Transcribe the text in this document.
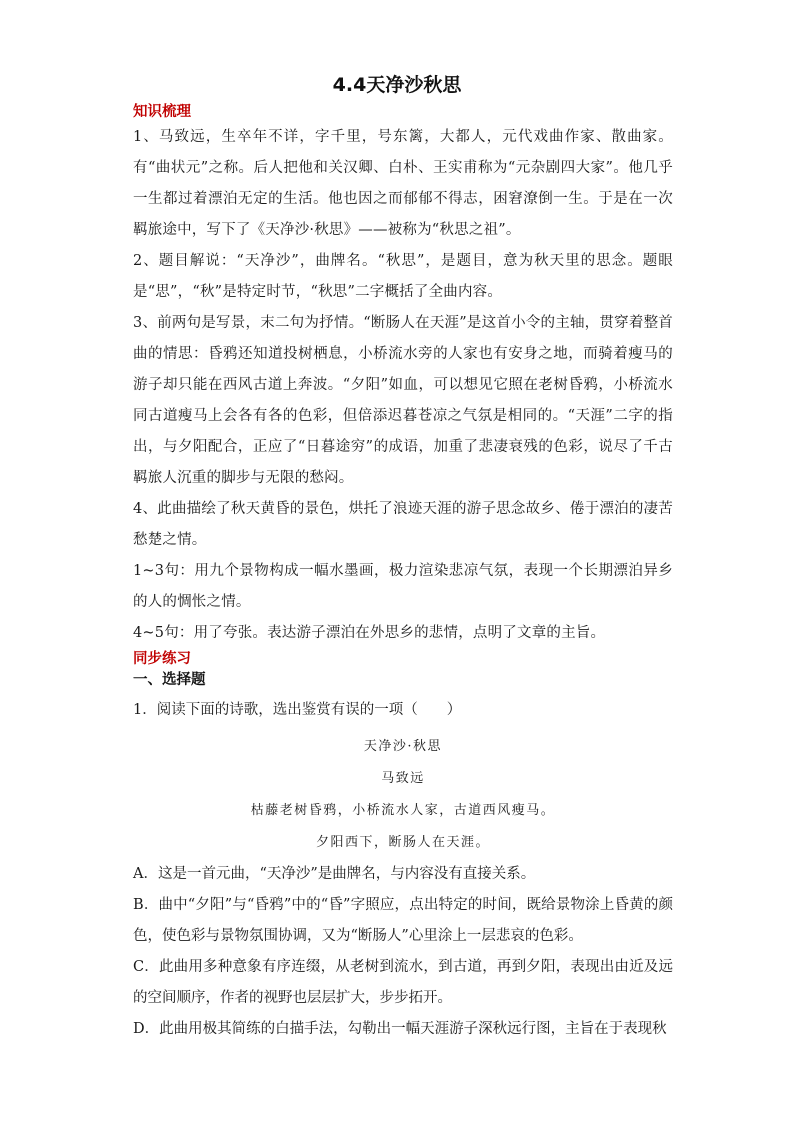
4.4天净沙秋思

知识梳理

1、马致远，生卒年不详，字千里，号东篱，大都人，元代戏曲作家、散曲家。有“曲状元”之称。后人把他和关汉卿、白朴、王实甫称为“元杂剧四大家”。他几乎一生都过着漂泊无定的生活。他也因之而郁郁不得志，困窘潦倒一生。于是在一次羁旅途中，写下了《天净沙·秋思》——被称为“秋思之祖”。

2、题目解说：“天净沙”，曲牌名。“秋思”，是题目，意为秋天里的思念。题眼是“思”，“秋”是特定时节，“秋思”二字概括了全曲内容。

3、前两句是写景，末二句为抒情。“断肠人在天涯”是这首小令的主轴，贯穿着整首曲的情思：昏鸦还知道投树栖息，小桥流水旁的人家也有安身之地，而骑着瘦马的游子却只能在西风古道上奔波。“夕阳”如血，可以想见它照在老树昏鸦，小桥流水同古道瘦马上会各有各的色彩，但倍添迟暮苍凉之气氛是相同的。“天涯”二字的指出，与夕阳配合，正应了“日暮途穷”的成语，加重了悲凄衰残的色彩，说尽了千古羁旅人沉重的脚步与无限的愁闷。

4、此曲描绘了秋天黄昏的景色，烘托了浪迹天涯的游子思念故乡、倦于漂泊的凄苦愁楚之情。

1~3句：用九个景物构成一幅水墨画，极力渲染悲凉气氛，表现一个长期漂泊异乡的人的惆怅之情。

4~5句：用了夸张。表达游子漂泊在外思乡的悲情，点明了文章的主旨。

同步练习

一、选择题

1．阅读下面的诗歌，选出鉴赏有误的一项（　　）

天净沙·秋思

马致远

枯藤老树昏鸦，小桥流水人家，古道西风瘦马。

夕阳西下，断肠人在天涯。

A．这是一首元曲，“天净沙”是曲牌名，与内容没有直接关系。

B．曲中“夕阳”与“昏鸦”中的“昏”字照应，点出特定的时间，既给景物涂上昏黄的颜色，使色彩与景物氛围协调，又为“断肠人”心里涂上一层悲哀的色彩。

C．此曲用多种意象有序连缀，从老树到流水，到古道，再到夕阳，表现出由近及远的空间顺序，作者的视野也层层扩大，步步拓开。

D．此曲用极其简练的白描手法，勾勒出一幅天涯游子深秋远行图，主旨在于表现秋
